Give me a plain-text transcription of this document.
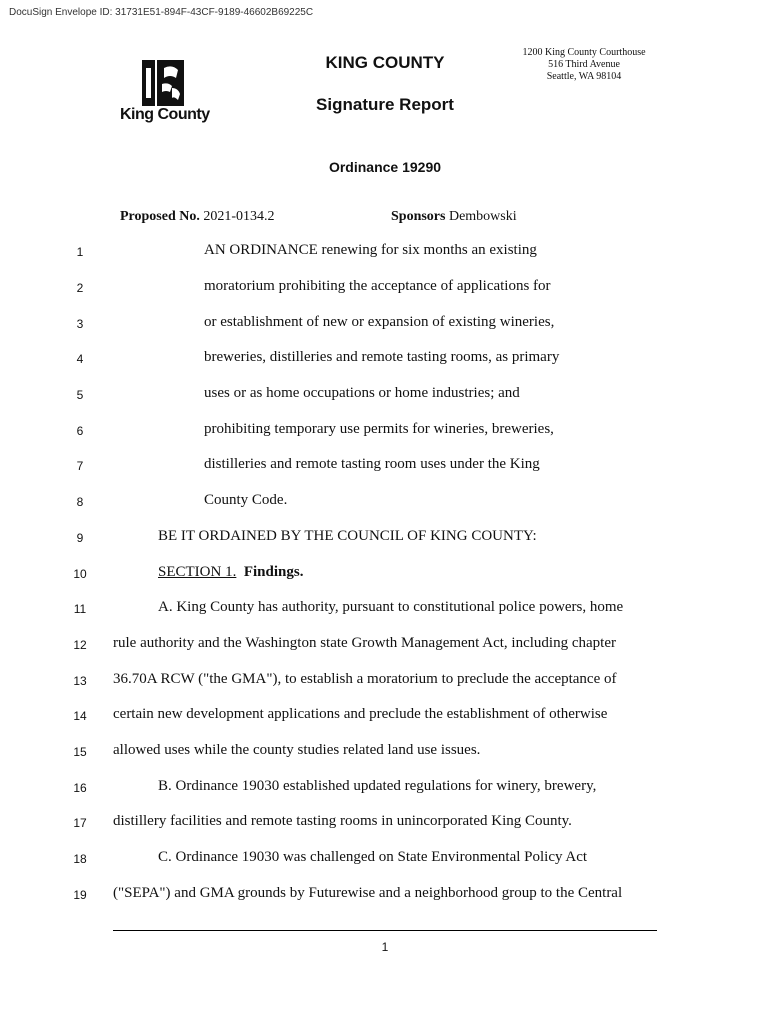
DocuSign Envelope ID: 31731E51-894F-43CF-9189-46602B69225C
King County
KING COUNTY
Signature Report
1200 King County Courthouse
516 Third Avenue
Seattle, WA 98104
Ordinance 19290
Proposed No. 2021-0134.2	Sponsors Dembowski
1	AN ORDINANCE renewing for six months an existing
2	moratorium prohibiting the acceptance of applications for
3	or establishment of new or expansion of existing wineries,
4	breweries, distilleries and remote tasting rooms, as primary
5	uses or as home occupations or home industries; and
6	prohibiting temporary use permits for wineries, breweries,
7	distilleries and remote tasting room uses under the King
8	County Code.
9	BE IT ORDAINED BY THE COUNCIL OF KING COUNTY:
10	SECTION 1. Findings.
11	A. King County has authority, pursuant to constitutional police powers, home
12	rule authority and the Washington state Growth Management Act, including chapter
13	36.70A RCW ("the GMA"), to establish a moratorium to preclude the acceptance of
14	certain new development applications and preclude the establishment of otherwise
15	allowed uses while the county studies related land use issues.
16	B. Ordinance 19030 established updated regulations for winery, brewery,
17	distillery facilities and remote tasting rooms in unincorporated King County.
18	C. Ordinance 19030 was challenged on State Environmental Policy Act
19	("SEPA") and GMA grounds by Futurewise and a neighborhood group to the Central
1
